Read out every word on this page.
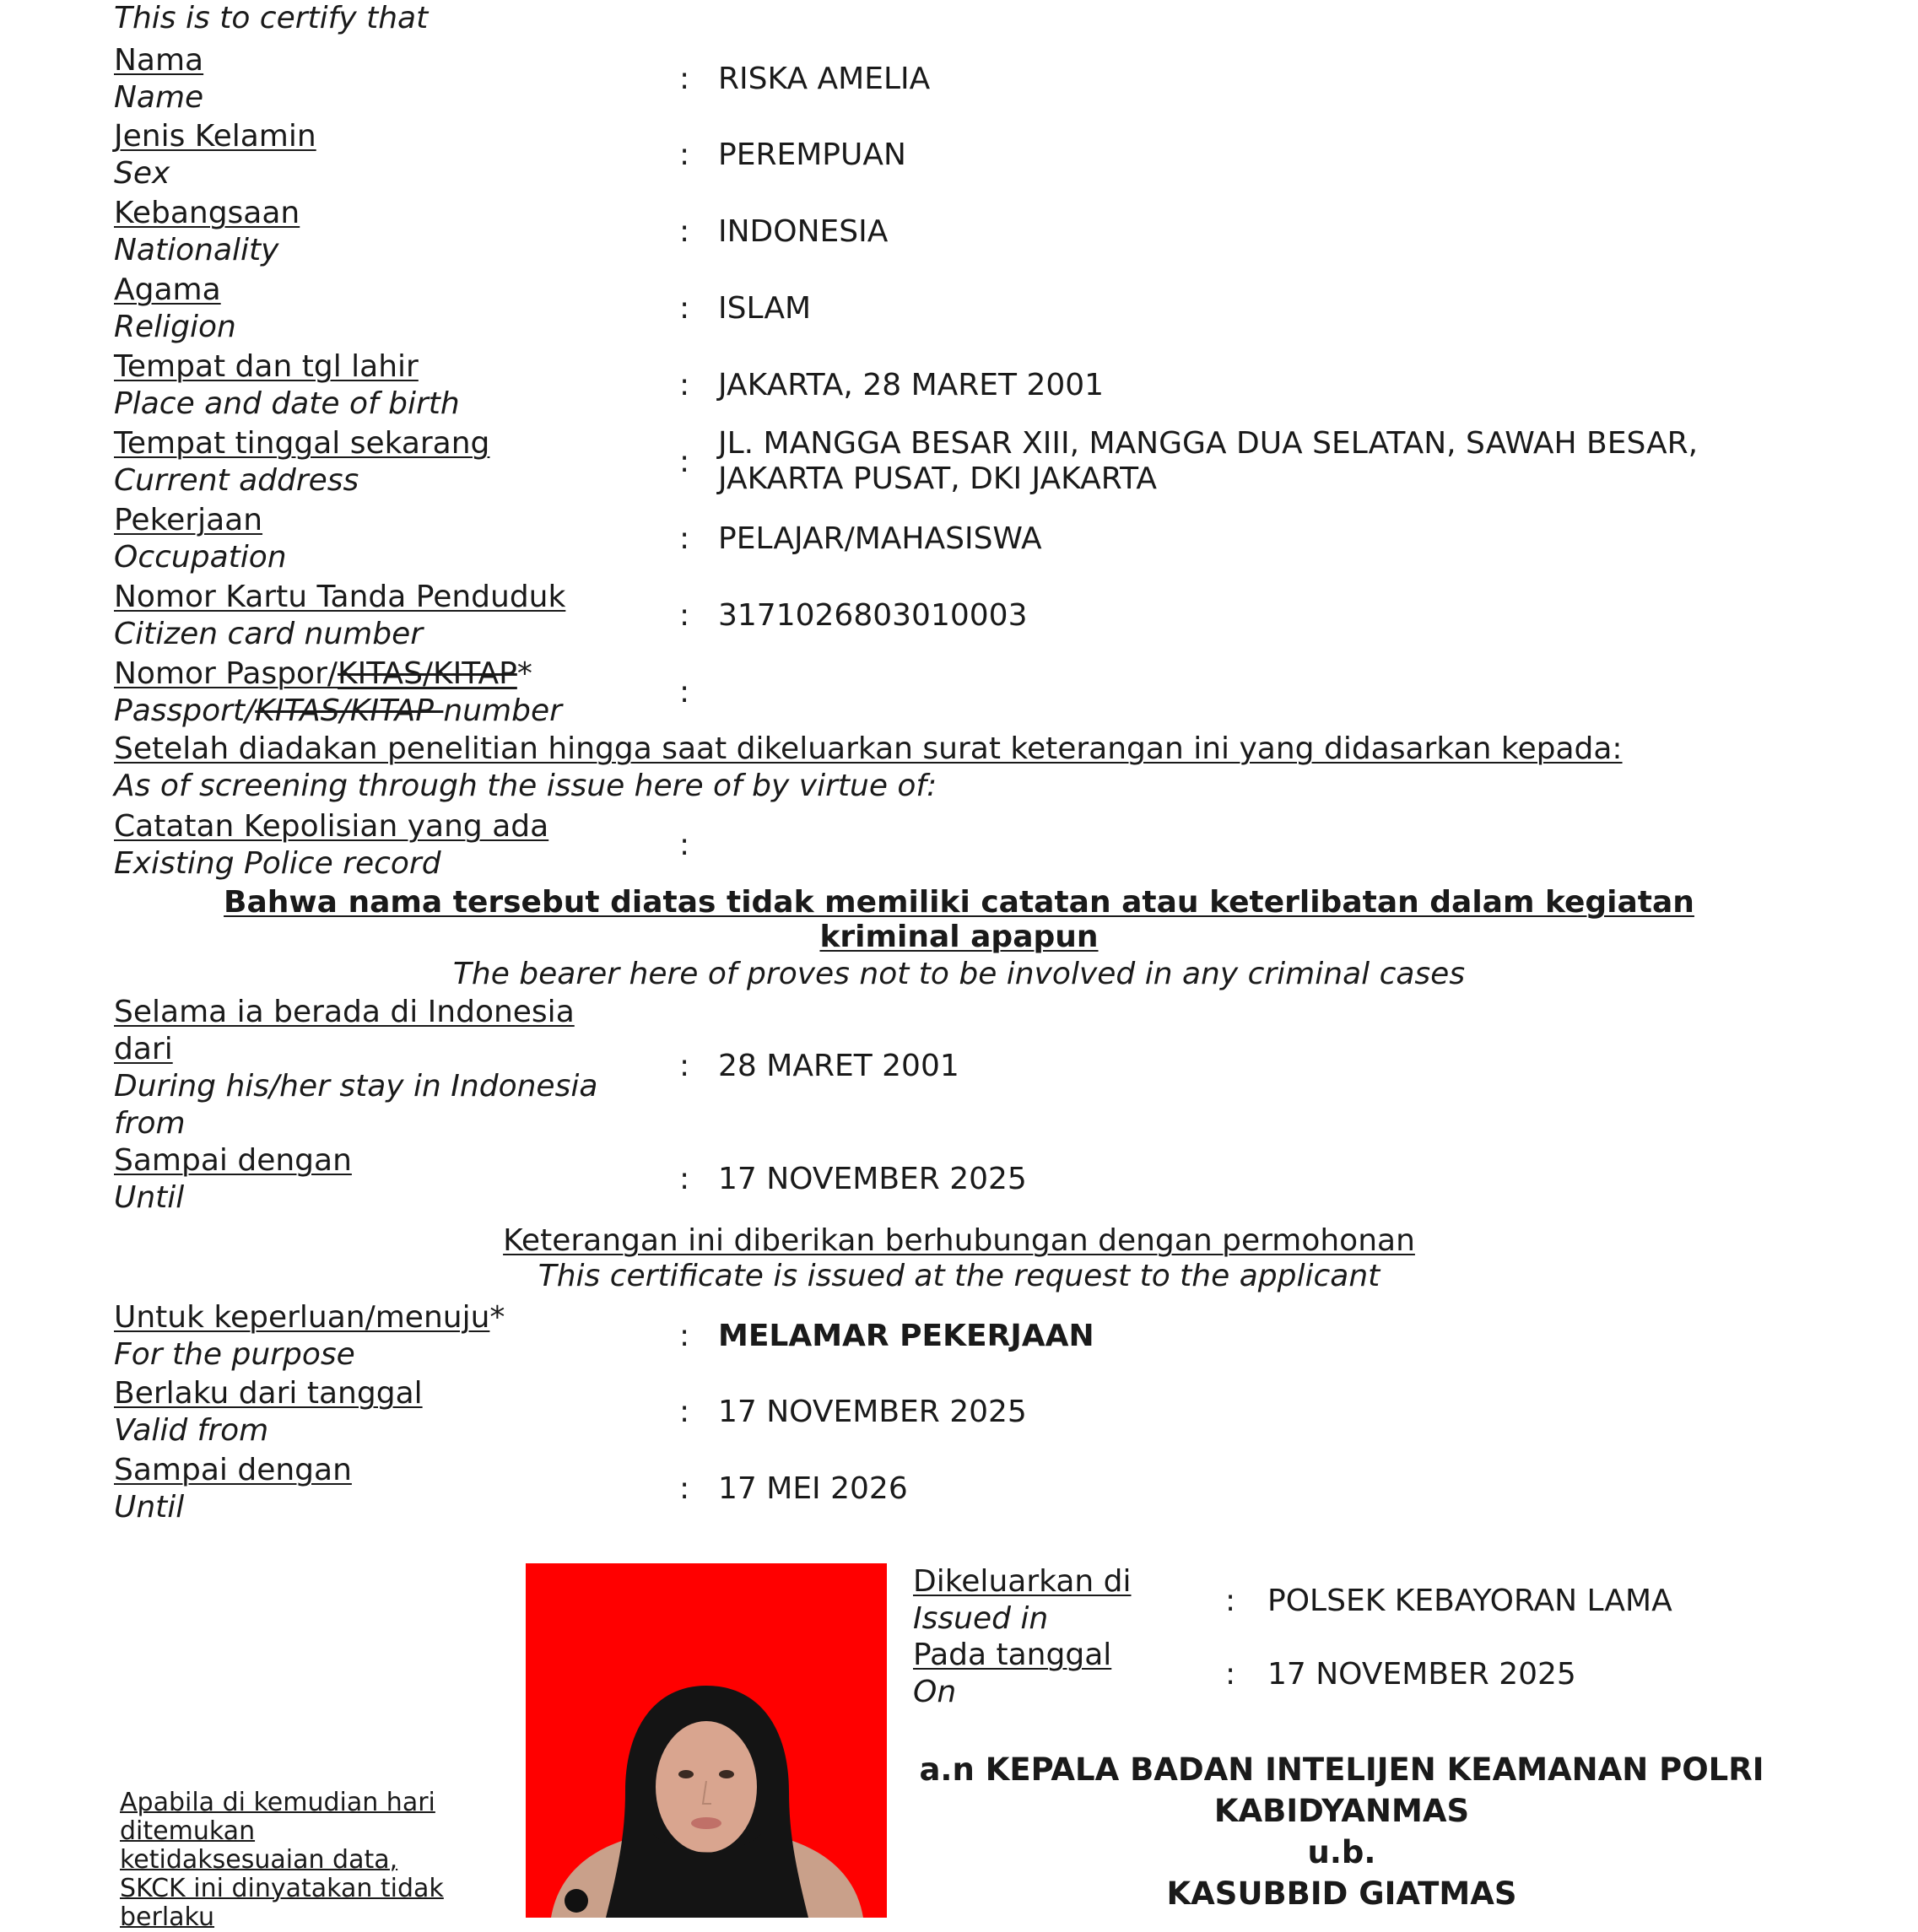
This is to certify that
Nama
Name
: RISKA AMELIA
Jenis Kelamin
Sex
: PEREMPUAN
Kebangsaan
Nationality
: INDONESIA
Agama
Religion
: ISLAM
Tempat dan tgl lahir
Place and date of birth
: JAKARTA, 28 MARET 2001
Tempat tinggal sekarang
Current address
:
JL. MANGGA BESAR XIII, MANGGA DUA SELATAN, SAWAH BESAR,
JAKARTA PUSAT, DKI JAKARTA
Pekerjaan
Occupation
: PELAJAR/MAHASISWA
Nomor Kartu Tanda Penduduk
Citizen card number
: 3171026803010003
Nomor Paspor/KITAS/KITAP*
Passport/KITAS/KITAP number
:
Setelah diadakan penelitian hingga saat dikeluarkan surat keterangan ini yang didasarkan kepada:
As of screening through the issue here of by virtue of:
Catatan Kepolisian yang ada
Existing Police record
:
Bahwa nama tersebut diatas tidak memiliki catatan atau keterlibatan dalam kegiatan
kriminal apapun
The bearer here of proves not to be involved in any criminal cases
Selama ia berada di Indonesia
dari
During his/her stay in Indonesia
from
: 28 MARET 2001
Sampai dengan
Until
: 17 NOVEMBER 2025
Keterangan ini diberikan berhubungan dengan permohonan
This certificate is issued at the request to the applicant
Untuk keperluan/menuju*
For the purpose
: MELAMAR PEKERJAAN
Berlaku dari tanggal
Valid from
: 17 NOVEMBER 2025
Sampai dengan
Until
: 17 MEI 2026
Apabila di kemudian hari
ditemukan
ketidaksesuaian data,
SKCK ini dinyatakan tidak
berlaku
Dikeluarkan di
Issued in
: POLSEK KEBAYORAN LAMA
Pada tanggal
On
: 17 NOVEMBER 2025
a.n KEPALA BADAN INTELIJEN KEAMANAN POLRI
KABIDYANMAS
u.b.
KASUBBID GIATMAS
